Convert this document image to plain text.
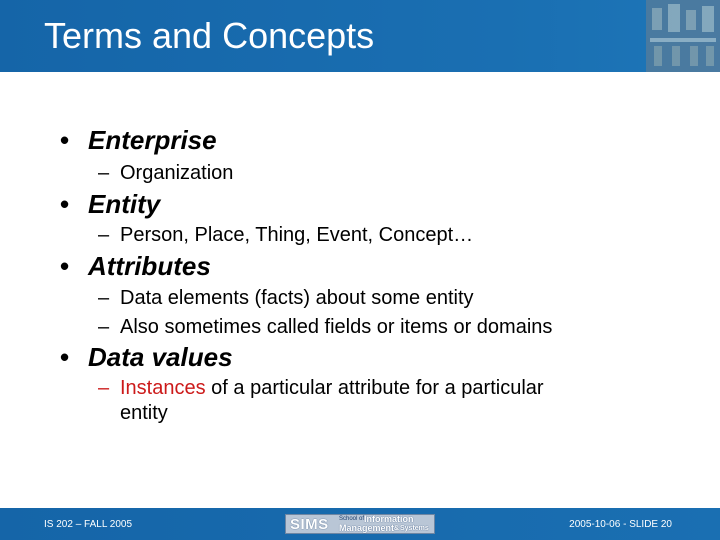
Terms and Concepts
• Enterprise
– Organization
• Entity
– Person, Place, Thing, Event, Concept…
• Attributes
– Data elements (facts) about some entity
– Also sometimes called fields or items or domains
• Data values
– Instances of a particular attribute for a particular
entity
IS 202 – FALL 2005	SIMS School of Information
Management & Systems	2005-10-06 - SLIDE 20
